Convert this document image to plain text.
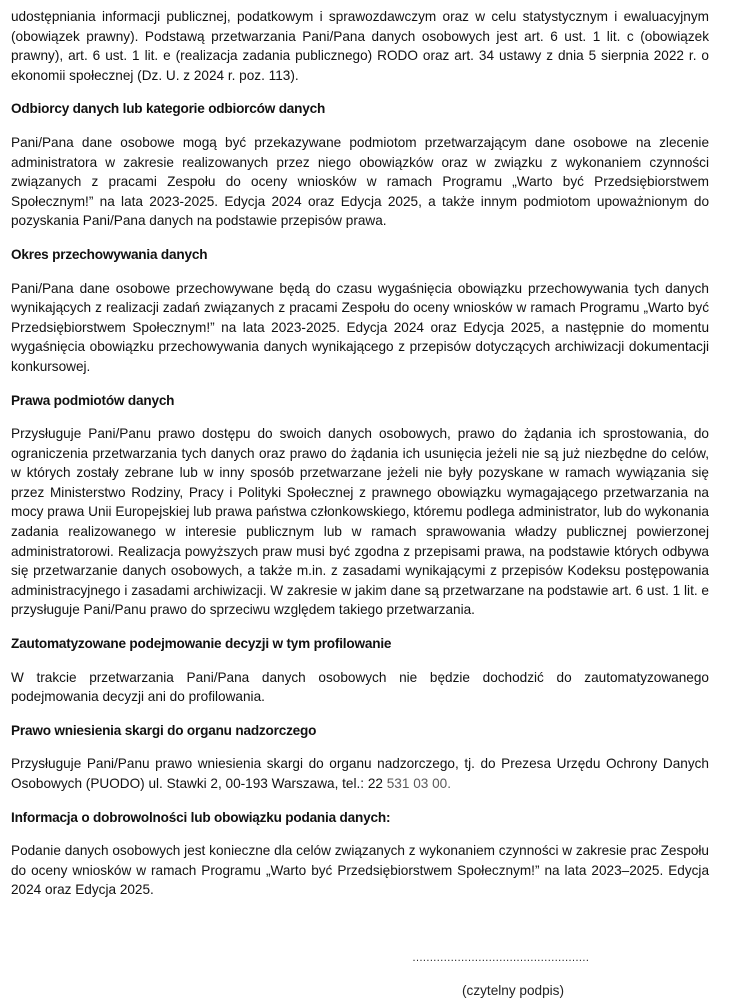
udostępniania informacji publicznej, podatkowym i sprawozdawczym oraz w celu statystycznym i ewaluacyjnym (obowiązek prawny). Podstawą przetwarzania Pani/Pana danych osobowych jest art. 6 ust. 1 lit. c (obowiązek prawny), art. 6 ust. 1 lit. e (realizacja zadania publicznego) RODO oraz art. 34 ustawy z dnia 5 sierpnia 2022 r. o ekonomii społecznej (Dz. U. z 2024 r. poz. 113).

Odbiorcy danych lub kategorie odbiorców danych

Pani/Pana dane osobowe mogą być przekazywane podmiotom przetwarzającym dane osobowe na zlecenie administratora w zakresie realizowanych przez niego obowiązków oraz w związku z wykonaniem czynności związanych z pracami Zespołu do oceny wniosków w ramach Programu „Warto być Przedsiębiorstwem Społecznym!” na lata 2023-2025. Edycja 2024 oraz Edycja 2025, a także innym podmiotom upoważnionym do pozyskania Pani/Pana danych na podstawie przepisów prawa.

Okres przechowywania danych

Pani/Pana dane osobowe przechowywane będą do czasu wygaśnięcia obowiązku przechowywania tych danych wynikających z realizacji zadań związanych z pracami Zespołu do oceny wniosków w ramach Programu „Warto być Przedsiębiorstwem Społecznym!” na lata 2023-2025. Edycja 2024 oraz Edycja 2025, a następnie do momentu wygaśnięcia obowiązku przechowywania danych wynikającego z przepisów dotyczących archiwizacji dokumentacji konkursowej.

Prawa podmiotów danych

Przysługuje Pani/Panu prawo dostępu do swoich danych osobowych, prawo do żądania ich sprostowania, do ograniczenia przetwarzania tych danych oraz prawo do żądania ich usunięcia jeżeli nie są już niezbędne do celów, w których zostały zebrane lub w inny sposób przetwarzane jeżeli nie były pozyskane w ramach wywiązania się przez Ministerstwo Rodziny, Pracy i Polityki Społecznej z prawnego obowiązku wymagającego przetwarzania na mocy prawa Unii Europejskiej lub prawa państwa członkowskiego, któremu podlega administrator, lub do wykonania zadania realizowanego w interesie publicznym lub w ramach sprawowania władzy publicznej powierzonej administratorowi. Realizacja powyższych praw musi być zgodna z przepisami prawa, na podstawie których odbywa się przetwarzanie danych osobowych, a także m.in. z zasadami wynikającymi z przepisów Kodeksu postępowania administracyjnego i zasadami archiwizacji. W zakresie w jakim dane są przetwarzane na podstawie art. 6 ust. 1 lit. e przysługuje Pani/Panu prawo do sprzeciwu względem takiego przetwarzania.

Zautomatyzowane podejmowanie decyzji w tym profilowanie

W trakcie przetwarzania Pani/Pana danych osobowych nie będzie dochodzić do zautomatyzowanego podejmowania decyzji ani do profilowania.

Prawo wniesienia skargi do organu nadzorczego

Przysługuje Pani/Panu prawo wniesienia skargi do organu nadzorczego, tj. do Prezesa Urzędu Ochrony Danych Osobowych (PUODO) ul. Stawki 2, 00-193 Warszawa, tel.: 22 531 03 00.

Informacja o dobrowolności lub obowiązku podania danych:

Podanie danych osobowych jest konieczne dla celów związanych z wykonaniem czynności w zakresie prac Zespołu do oceny wniosków w ramach Programu „Warto być Przedsiębiorstwem Społecznym!” na lata 2023–2025. Edycja 2024 oraz Edycja 2025.

……………………………………………
(czytelny podpis)
